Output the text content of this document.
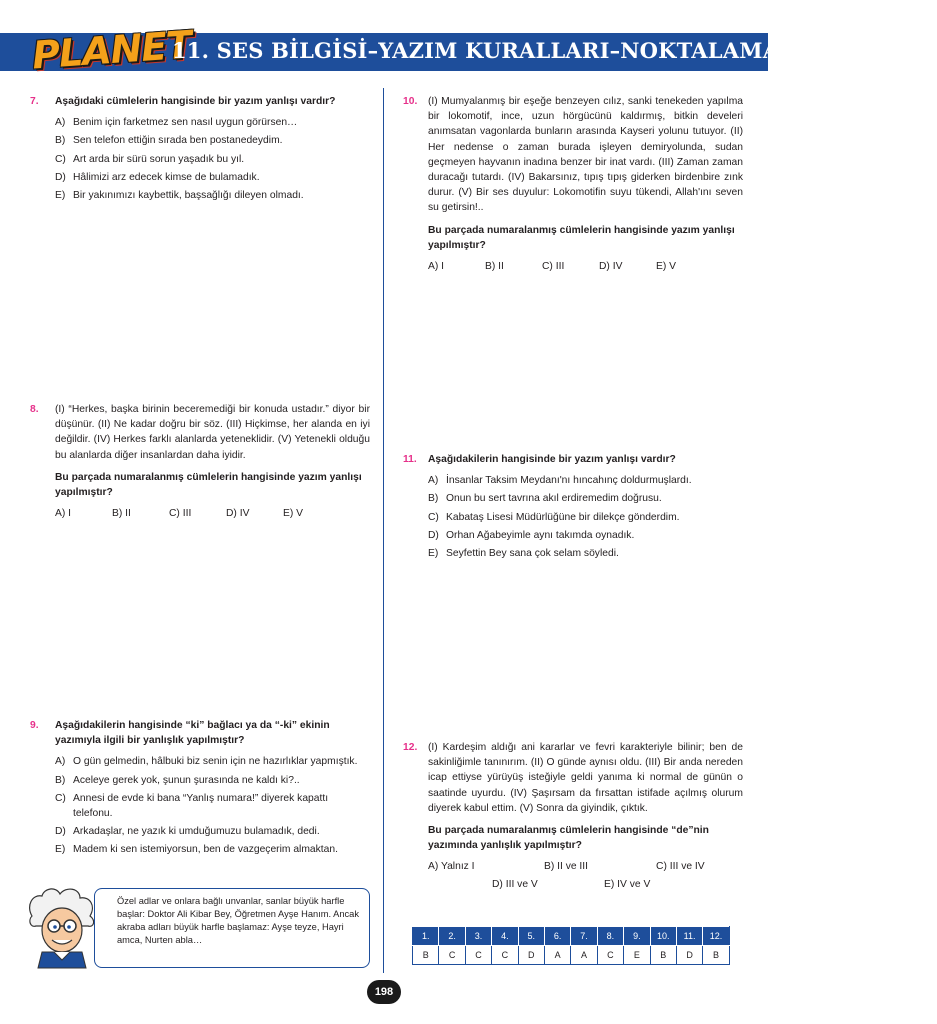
PLANET
11. SES BİLGİSİ–YAZIM KURALLARI–NOKTALAMA İŞARETLERİ
7. Aşağıdaki cümlelerin hangisinde bir yazım yanlışı vardır?
A) Benim için farketmez sen nasıl uygun görürsen…
B) Sen telefon ettiğin sırada ben postanedeydim.
C) Art arda bir sürü sorun yaşadık bu yıl.
D) Hâlimizi arz edecek kimse de bulamadık.
E) Bir yakınımızı kaybettik, başsağlığı dileyen olmadı.
8. (I) “Herkes, başka birinin beceremediği bir konuda ustadır.” diyor bir düşünür. (II) Ne kadar doğru bir söz. (III) Hiçkimse, her alanda en iyi değildir. (IV) Herkes farklı alanlarda yeteneklidir. (V) Yetenekli olduğu bu alanlarda diğer insanlardan daha iyidir.
Bu parçada numaralanmış cümlelerin hangisinde yazım yanlışı yapılmıştır?
A) I	B) II	C) III	D) IV	E) V
9. Aşağıdakilerin hangisinde “ki” bağlacı ya da “-ki” ekinin yazımıyla ilgili bir yanlışlık yapılmıştır?
A) O gün gelmedin, hâlbuki biz senin için ne hazırlıklar yapmıştık.
B) Aceleye gerek yok, şunun şurasında ne kaldı ki?..
C) Annesi de evde ki bana “Yanlış numara!” diyerek kapattı telefonu.
D) Arkadaşlar, ne yazık ki umduğumuzu bulamadık, dedi.
E) Madem ki sen istemiyorsun, ben de vazgeçerim almaktan.
Özel adlar ve onlara bağlı unvanlar, sanlar büyük harfle başlar: Doktor Ali Kibar Bey, Öğretmen Ayşe Hanım. Ancak akraba adları büyük harfle başlamaz: Ayşe teyze, Hayri amca, Nurten abla…
10. (I) Mumyalanmış bir eşeğe benzeyen cılız, sanki tenekeden yapılma bir lokomotif, ince, uzun hörgücünü kaldırmış, bitkin develeri anımsatan vagonlarda bunların arasında Kayseri yolunu tutuyor. (II) Her nedense o zaman burada işleyen demiryolunda, sudan geçmeyen hayvanın inadına benzer bir inat vardı. (III) Zaman zaman duracağı tutardı. (IV) Bakarsınız, tıpış tıpış giderken birdenbire zınk durur. (V) Bir ses duyulur: Lokomotifin suyu tükendi, Allah'ını seven su getirsin!..
Bu parçada numaralanmış cümlelerin hangisinde yazım yanlışı yapılmıştır?
A) I	B) II	C) III	D) IV	E) V
11. Aşağıdakilerin hangisinde bir yazım yanlışı vardır?
A) İnsanlar Taksim Meydanı'nı hıncahınç doldurmuşlardı.
B) Onun bu sert tavrına akıl erdiremedim doğrusu.
C) Kabataş Lisesi Müdürlüğüne bir dilekçe gönderdim.
D) Orhan Ağabeyimle aynı takımda oynadık.
E) Seyfettin Bey sana çok selam söyledi.
12. (I) Kardeşim aldığı ani kararlar ve fevri karakteriyle bilinir; ben de sakinliğimle tanınırım. (II) O günde aynısı oldu. (III) Bir anda nereden icap ettiyse yürüyüş isteğiyle geldi yanıma ki normal de günün o saatinde uyurdu. (IV) Şaşırsam da fırsattan istifade açılmış olurum diyerek kabul ettim. (V) Sonra da giyindik, çıktık.
Bu parçada numaralanmış cümlelerin hangisinde “de”nin yazımında yanlışlık yapılmıştır?
A) Yalnız I	B) II ve III	C) III ve IV
D) III ve V	E) IV ve V
1.	2.	3.	4.	5.	6.	7.	8.	9.	10.	11.	12.
B	C	C	C	D	A	A	C	E	B	D	B
198
